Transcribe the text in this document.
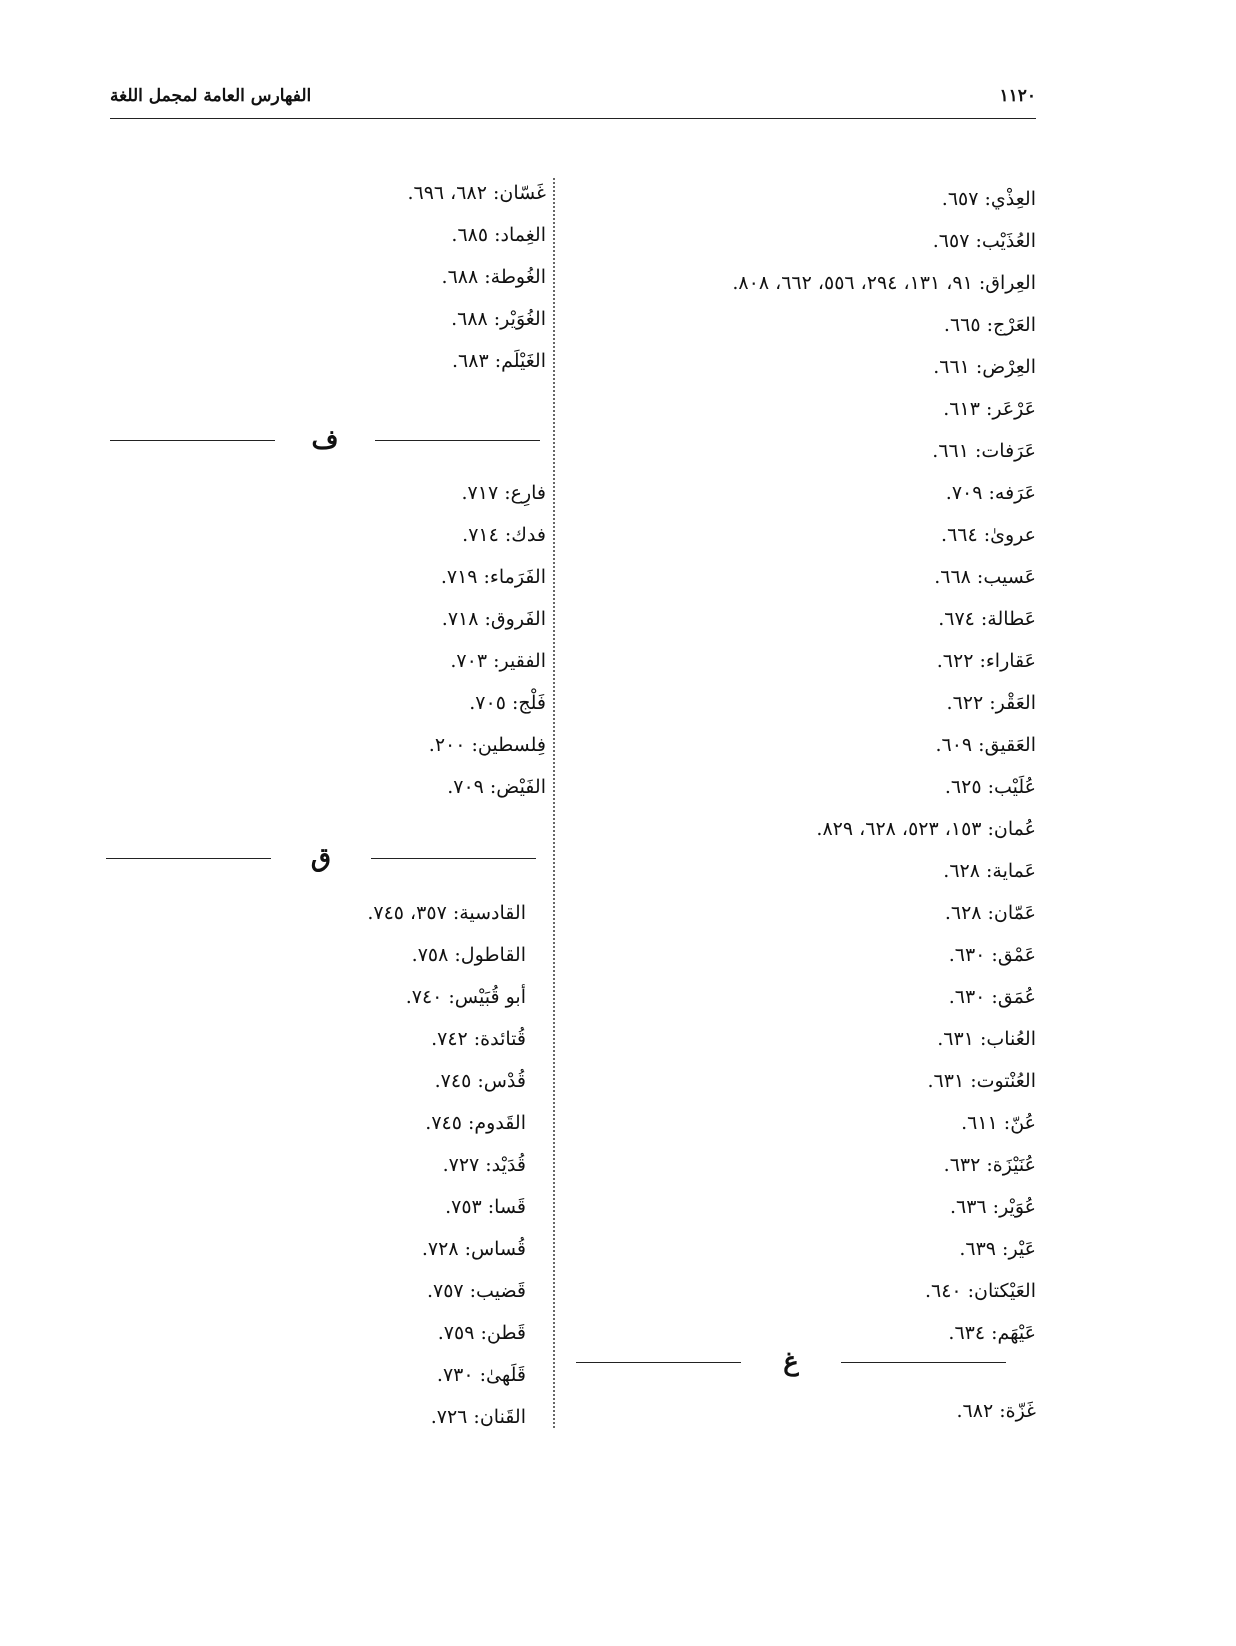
الفهارس العامة لمجمل اللغة	١١٢٠
العِذْي: ٦٥٧.
العُذَيْب: ٦٥٧.
العِراق: ٩١، ١٣١، ٢٩٤، ٥٥٦، ٦٦٢، ٨٠٨.
العَرْج: ٦٦٥.
العِرْض: ٦٦١.
عَرْعَر: ٦١٣.
عَرَفات: ٦٦١.
عَرَفه: ٧٠٩.
عروىٰ: ٦٦٤.
عَسيب: ٦٦٨.
عَطالة: ٦٧٤.
عَقاراء: ٦٢٢.
العَقْر: ٦٢٢.
العَقيق: ٦٠٩.
عُلَيْب: ٦٢٥.
عُمان: ١٥٣، ٥٢٣، ٦٢٨، ٨٢٩.
عَماية: ٦٢٨.
عَمّان: ٦٢٨.
عَمْق: ٦٣٠.
عُمَق: ٦٣٠.
العُناب: ٦٣١.
العُنْتوت: ٦٣١.
عُنّ: ٦١١.
عُنَيْزَة: ٦٣٢.
عُوَيْر: ٦٣٦.
عَيْر: ٦٣٩.
العَيْكتان: ٦٤٠.
عَيْهَم: ٦٣٤.
غ
غَزّة: ٦٨٢.
غَسّان: ٦٨٢، ٦٩٦.
الغِماد: ٦٨٥.
الغُوطة: ٦٨٨.
الغُوَيْر: ٦٨٨.
الغَيْلَم: ٦٨٣.
ف
فارِع: ٧١٧.
فدك: ٧١٤.
الفَرَماء: ٧١٩.
الفَروق: ٧١٨.
الفقير: ٧٠٣.
فَلْج: ٧٠٥.
فِلسطين: ٢٠٠.
الفَيْض: ٧٠٩.
ق
القادسية: ٣٥٧، ٧٤٥.
القاطول: ٧٥٨.
أبو قُبَيْس: ٧٤٠.
قُتائدة: ٧٤٢.
قُدْس: ٧٤٥.
القَدوم: ٧٤٥.
قُدَيْد: ٧٢٧.
قَسا: ٧٥٣.
قُساس: ٧٢٨.
قَضيب: ٧٥٧.
قَطن: ٧٥٩.
قَلَهىٰ: ٧٣٠.
القَنان: ٧٢٦.
